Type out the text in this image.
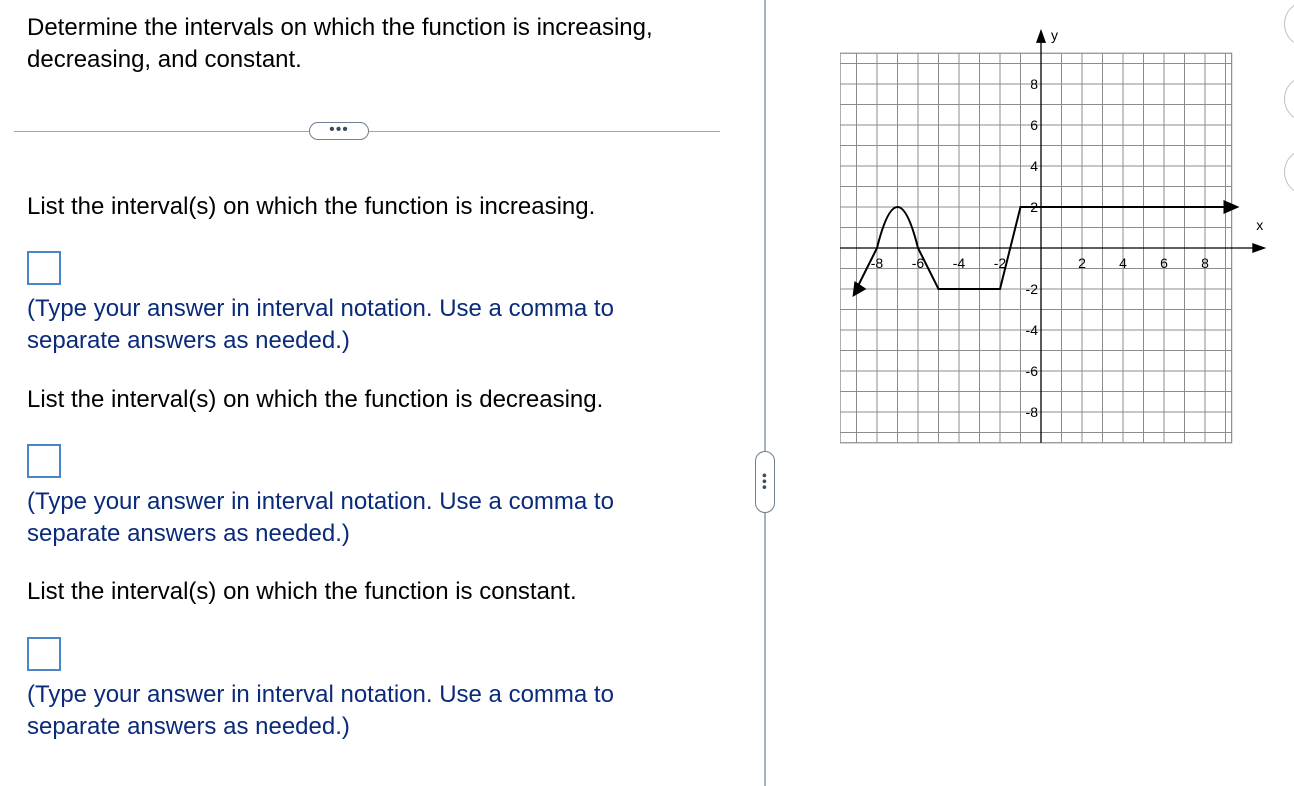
Determine the intervals on which the function is increasing, decreasing, and constant.
•••
List the interval(s) on which the function is increasing.
(Type your answer in interval notation. Use a comma to separate answers as needed.)
List the interval(s) on which the function is decreasing.
(Type your answer in interval notation. Use a comma to separate answers as needed.)
List the interval(s) on which the function is constant.
(Type your answer in interval notation. Use a comma to separate answers as needed.)
•••
x
y
-8 -6 -4 -2	2 4 6 8
8
6
4
2
-2
-4
-6
-8
